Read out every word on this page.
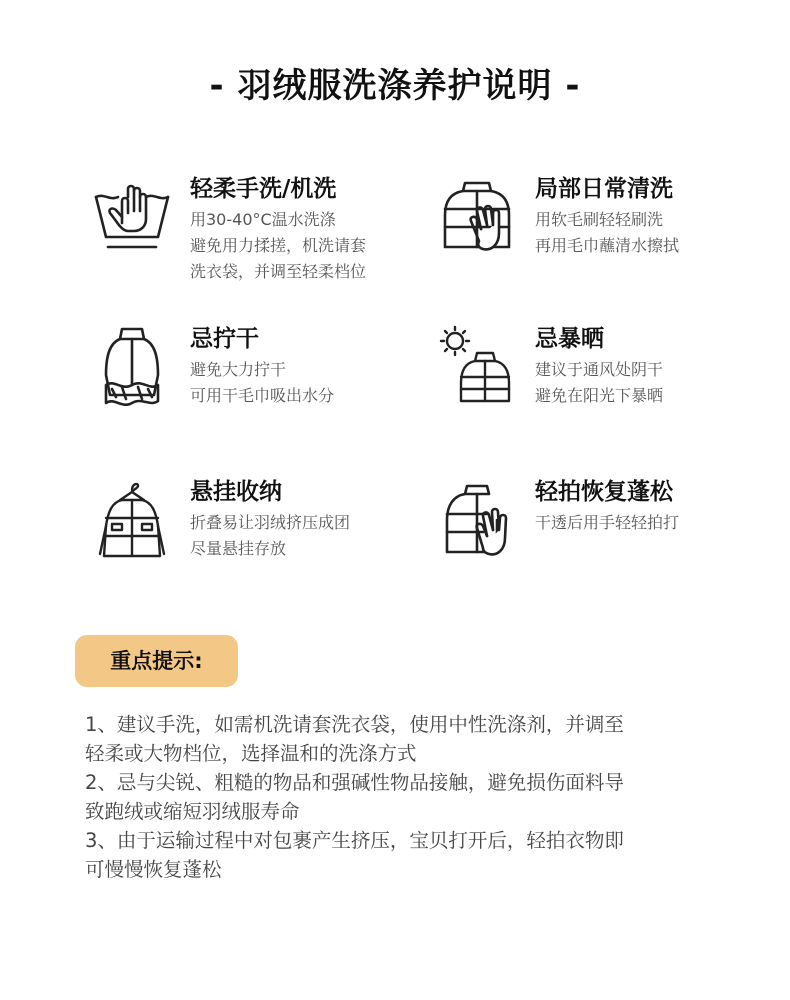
- 羽绒服洗涤养护说明 -
轻柔手洗/机洗
用30-40°C温水洗涤
避免用力揉搓，机洗请套
洗衣袋，并调至轻柔档位
局部日常清洗
用软毛刷轻轻刷洗
再用毛巾蘸清水擦拭
忌拧干
避免大力拧干
可用干毛巾吸出水分
忌暴晒
建议于通风处阴干
避免在阳光下暴晒
悬挂收纳
折叠易让羽绒挤压成团
尽量悬挂存放
轻拍恢复蓬松
干透后用手轻轻拍打
重点提示:
1、建议手洗，如需机洗请套洗衣袋，使用中性洗涤剂，并调至
轻柔或大物档位，选择温和的洗涤方式
2、忌与尖锐、粗糙的物品和强碱性物品接触，避免损伤面料导
致跑绒或缩短羽绒服寿命
3、由于运输过程中对包裹产生挤压，宝贝打开后，轻拍衣物即
可慢慢恢复蓬松
